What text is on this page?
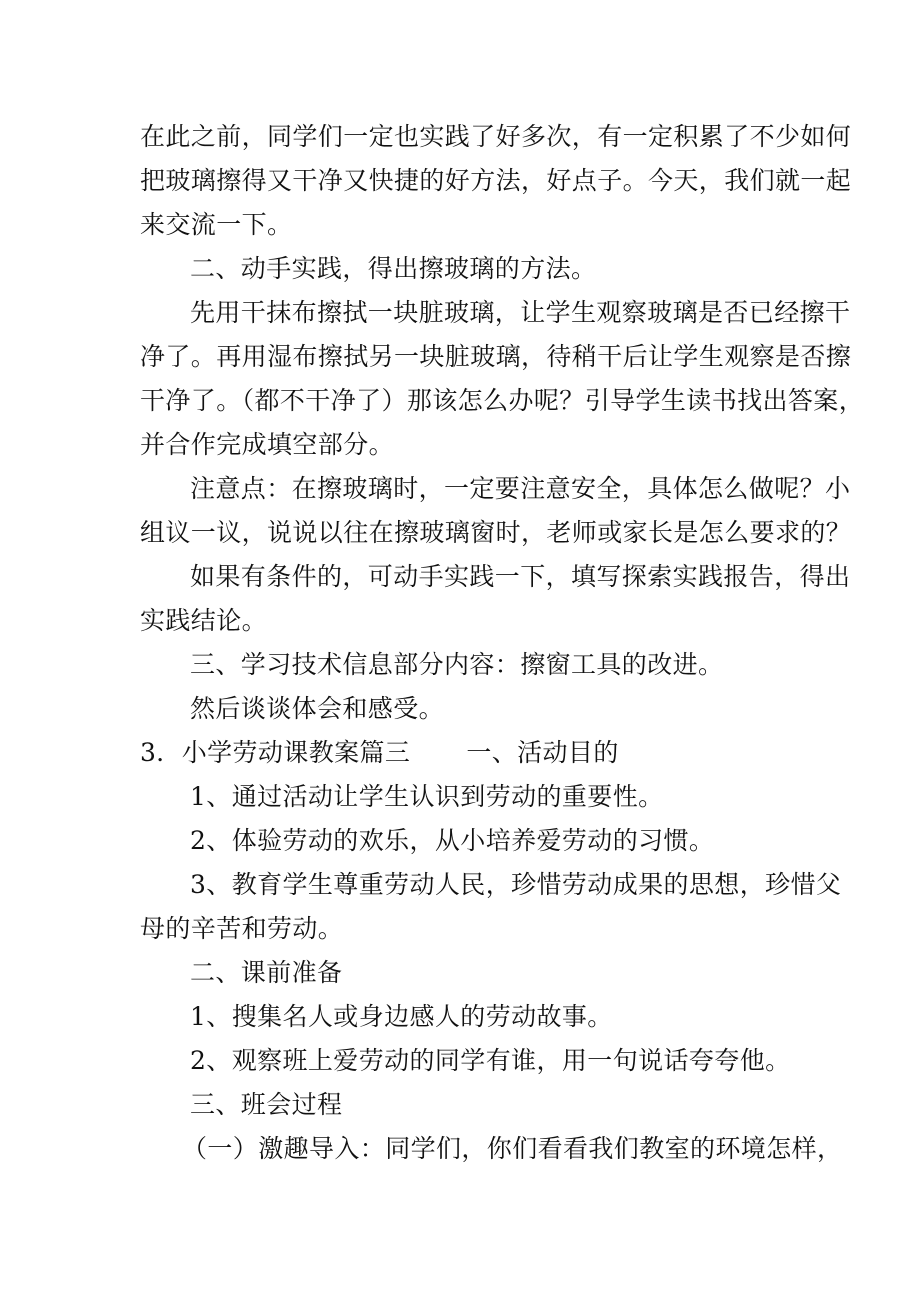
在此之前，同学们一定也实践了好多次，有一定积累了不少如何
把玻璃擦得又干净又快捷的好方法，好点子。今天，我们就一起
来交流一下。
二、动手实践，得出擦玻璃的方法。
先用干抹布擦拭一块脏玻璃，让学生观察玻璃是否已经擦干
净了。再用湿布擦拭另一块脏玻璃，待稍干后让学生观察是否擦
干净了。（都不干净了）那该怎么办呢？引导学生读书找出答案，
并合作完成填空部分。
注意点：在擦玻璃时，一定要注意安全，具体怎么做呢？小
组议一议，说说以往在擦玻璃窗时，老师或家长是怎么要求的？
如果有条件的，可动手实践一下，填写探索实践报告，得出
实践结论。
三、学习技术信息部分内容：擦窗工具的改进。
然后谈谈体会和感受。
3．小学劳动课教案篇三 一、活动目的
1、通过活动让学生认识到劳动的重要性。
2、体验劳动的欢乐，从小培养爱劳动的习惯。
3、教育学生尊重劳动人民，珍惜劳动成果的思想，珍惜父
母的辛苦和劳动。
二、课前准备
1、搜集名人或身边感人的劳动故事。
2、观察班上爱劳动的同学有谁，用一句说话夸夸他。
三、班会过程
（一）激趣导入：同学们，你们看看我们教室的环境怎样，
